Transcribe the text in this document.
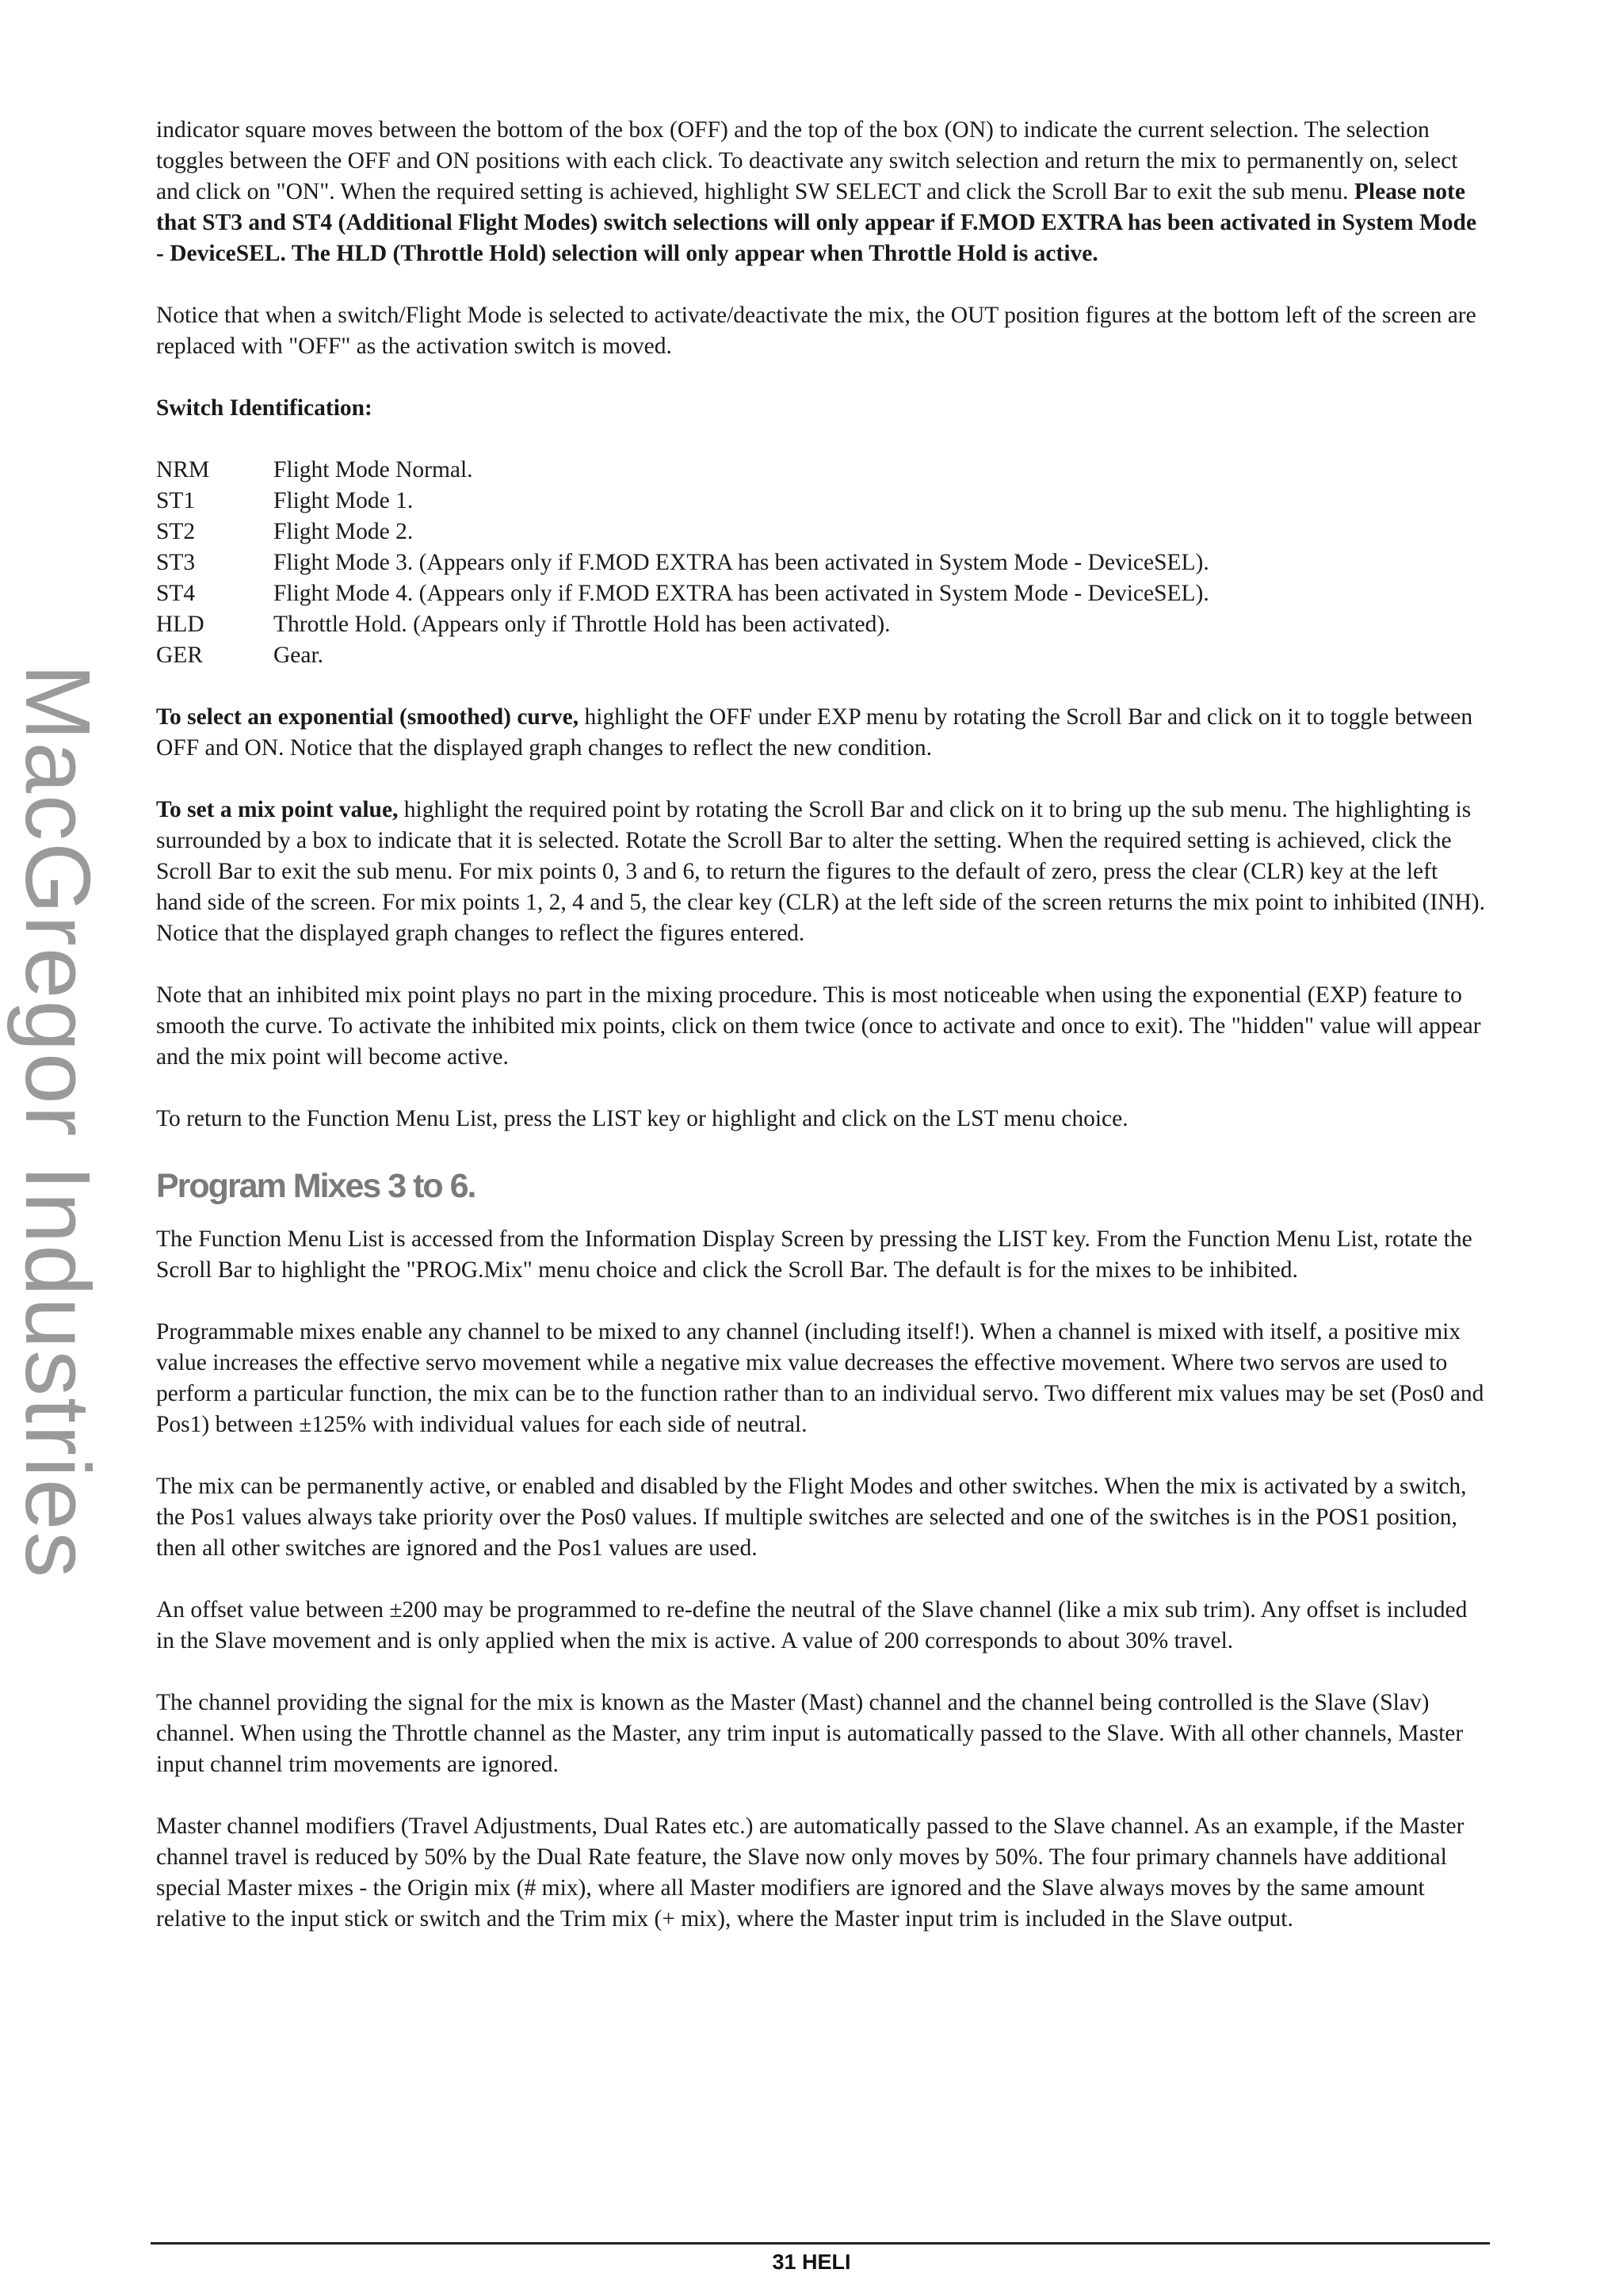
MacGregor Industries

indicator square moves between the bottom of the box (OFF) and the top of the box (ON) to indicate the current selection. The selection toggles between the OFF and ON positions with each click. To deactivate any switch selection and return the mix to permanently on, select and click on "ON". When the required setting is achieved, highlight SW SELECT and click the Scroll Bar to exit the sub menu. Please note that ST3 and ST4 (Additional Flight Modes) switch selections will only appear if F.MOD EXTRA has been activated in System Mode - DeviceSEL. The HLD (Throttle Hold) selection will only appear when Throttle Hold is active.

Notice that when a switch/Flight Mode is selected to activate/deactivate the mix, the OUT position figures at the bottom left of the screen are replaced with "OFF" as the activation switch is moved.

Switch Identification:
NRM	Flight Mode Normal.
ST1	Flight Mode 1.
ST2	Flight Mode 2.
ST3	Flight Mode 3. (Appears only if F.MOD EXTRA has been activated in System Mode - DeviceSEL).
ST4	Flight Mode 4. (Appears only if F.MOD EXTRA has been activated in System Mode - DeviceSEL).
HLD	Throttle Hold. (Appears only if Throttle Hold has been activated).
GER	Gear.

To select an exponential (smoothed) curve, highlight the OFF under EXP menu by rotating the Scroll Bar and click on it to toggle between OFF and ON. Notice that the displayed graph changes to reflect the new condition.

To set a mix point value, highlight the required point by rotating the Scroll Bar and click on it to bring up the sub menu. The highlighting is surrounded by a box to indicate that it is selected. Rotate the Scroll Bar to alter the setting. When the required setting is achieved, click the Scroll Bar to exit the sub menu. For mix points 0, 3 and 6, to return the figures to the default of zero, press the clear (CLR) key at the left hand side of the screen. For mix points 1, 2, 4 and 5, the clear key (CLR) at the left side of the screen returns the mix point to inhibited (INH). Notice that the displayed graph changes to reflect the figures entered.

Note that an inhibited mix point plays no part in the mixing procedure. This is most noticeable when using the exponential (EXP) feature to smooth the curve. To activate the inhibited mix points, click on them twice (once to activate and once to exit). The "hidden" value will appear and the mix point will become active.

To return to the Function Menu List, press the LIST key or highlight and click on the LST menu choice.

Program Mixes 3 to 6.

The Function Menu List is accessed from the Information Display Screen by pressing the LIST key. From the Function Menu List, rotate the Scroll Bar to highlight the "PROG.Mix" menu choice and click the Scroll Bar. The default is for the mixes to be inhibited.

Programmable mixes enable any channel to be mixed to any channel (including itself!). When a channel is mixed with itself, a positive mix value increases the effective servo movement while a negative mix value decreases the effective movement. Where two servos are used to perform a particular function, the mix can be to the function rather than to an individual servo. Two different mix values may be set (Pos0 and Pos1) between ±125% with individual values for each side of neutral.

The mix can be permanently active, or enabled and disabled by the Flight Modes and other switches. When the mix is activated by a switch, the Pos1 values always take priority over the Pos0 values. If multiple switches are selected and one of the switches is in the POS1 position, then all other switches are ignored and the Pos1 values are used.

An offset value between ±200 may be programmed to re-define the neutral of the Slave channel (like a mix sub trim). Any offset is included in the Slave movement and is only applied when the mix is active. A value of 200 corresponds to about 30% travel.

The channel providing the signal for the mix is known as the Master (Mast) channel and the channel being controlled is the Slave (Slav) channel. When using the Throttle channel as the Master, any trim input is automatically passed to the Slave. With all other channels, Master input channel trim movements are ignored.

Master channel modifiers (Travel Adjustments, Dual Rates etc.) are automatically passed to the Slave channel. As an example, if the Master channel travel is reduced by 50% by the Dual Rate feature, the Slave now only moves by 50%. The four primary channels have additional special Master mixes - the Origin mix (# mix), where all Master modifiers are ignored and the Slave always moves by the same amount relative to the input stick or switch and the Trim mix (+ mix), where the Master input trim is included in the Slave output.

31 HELI
